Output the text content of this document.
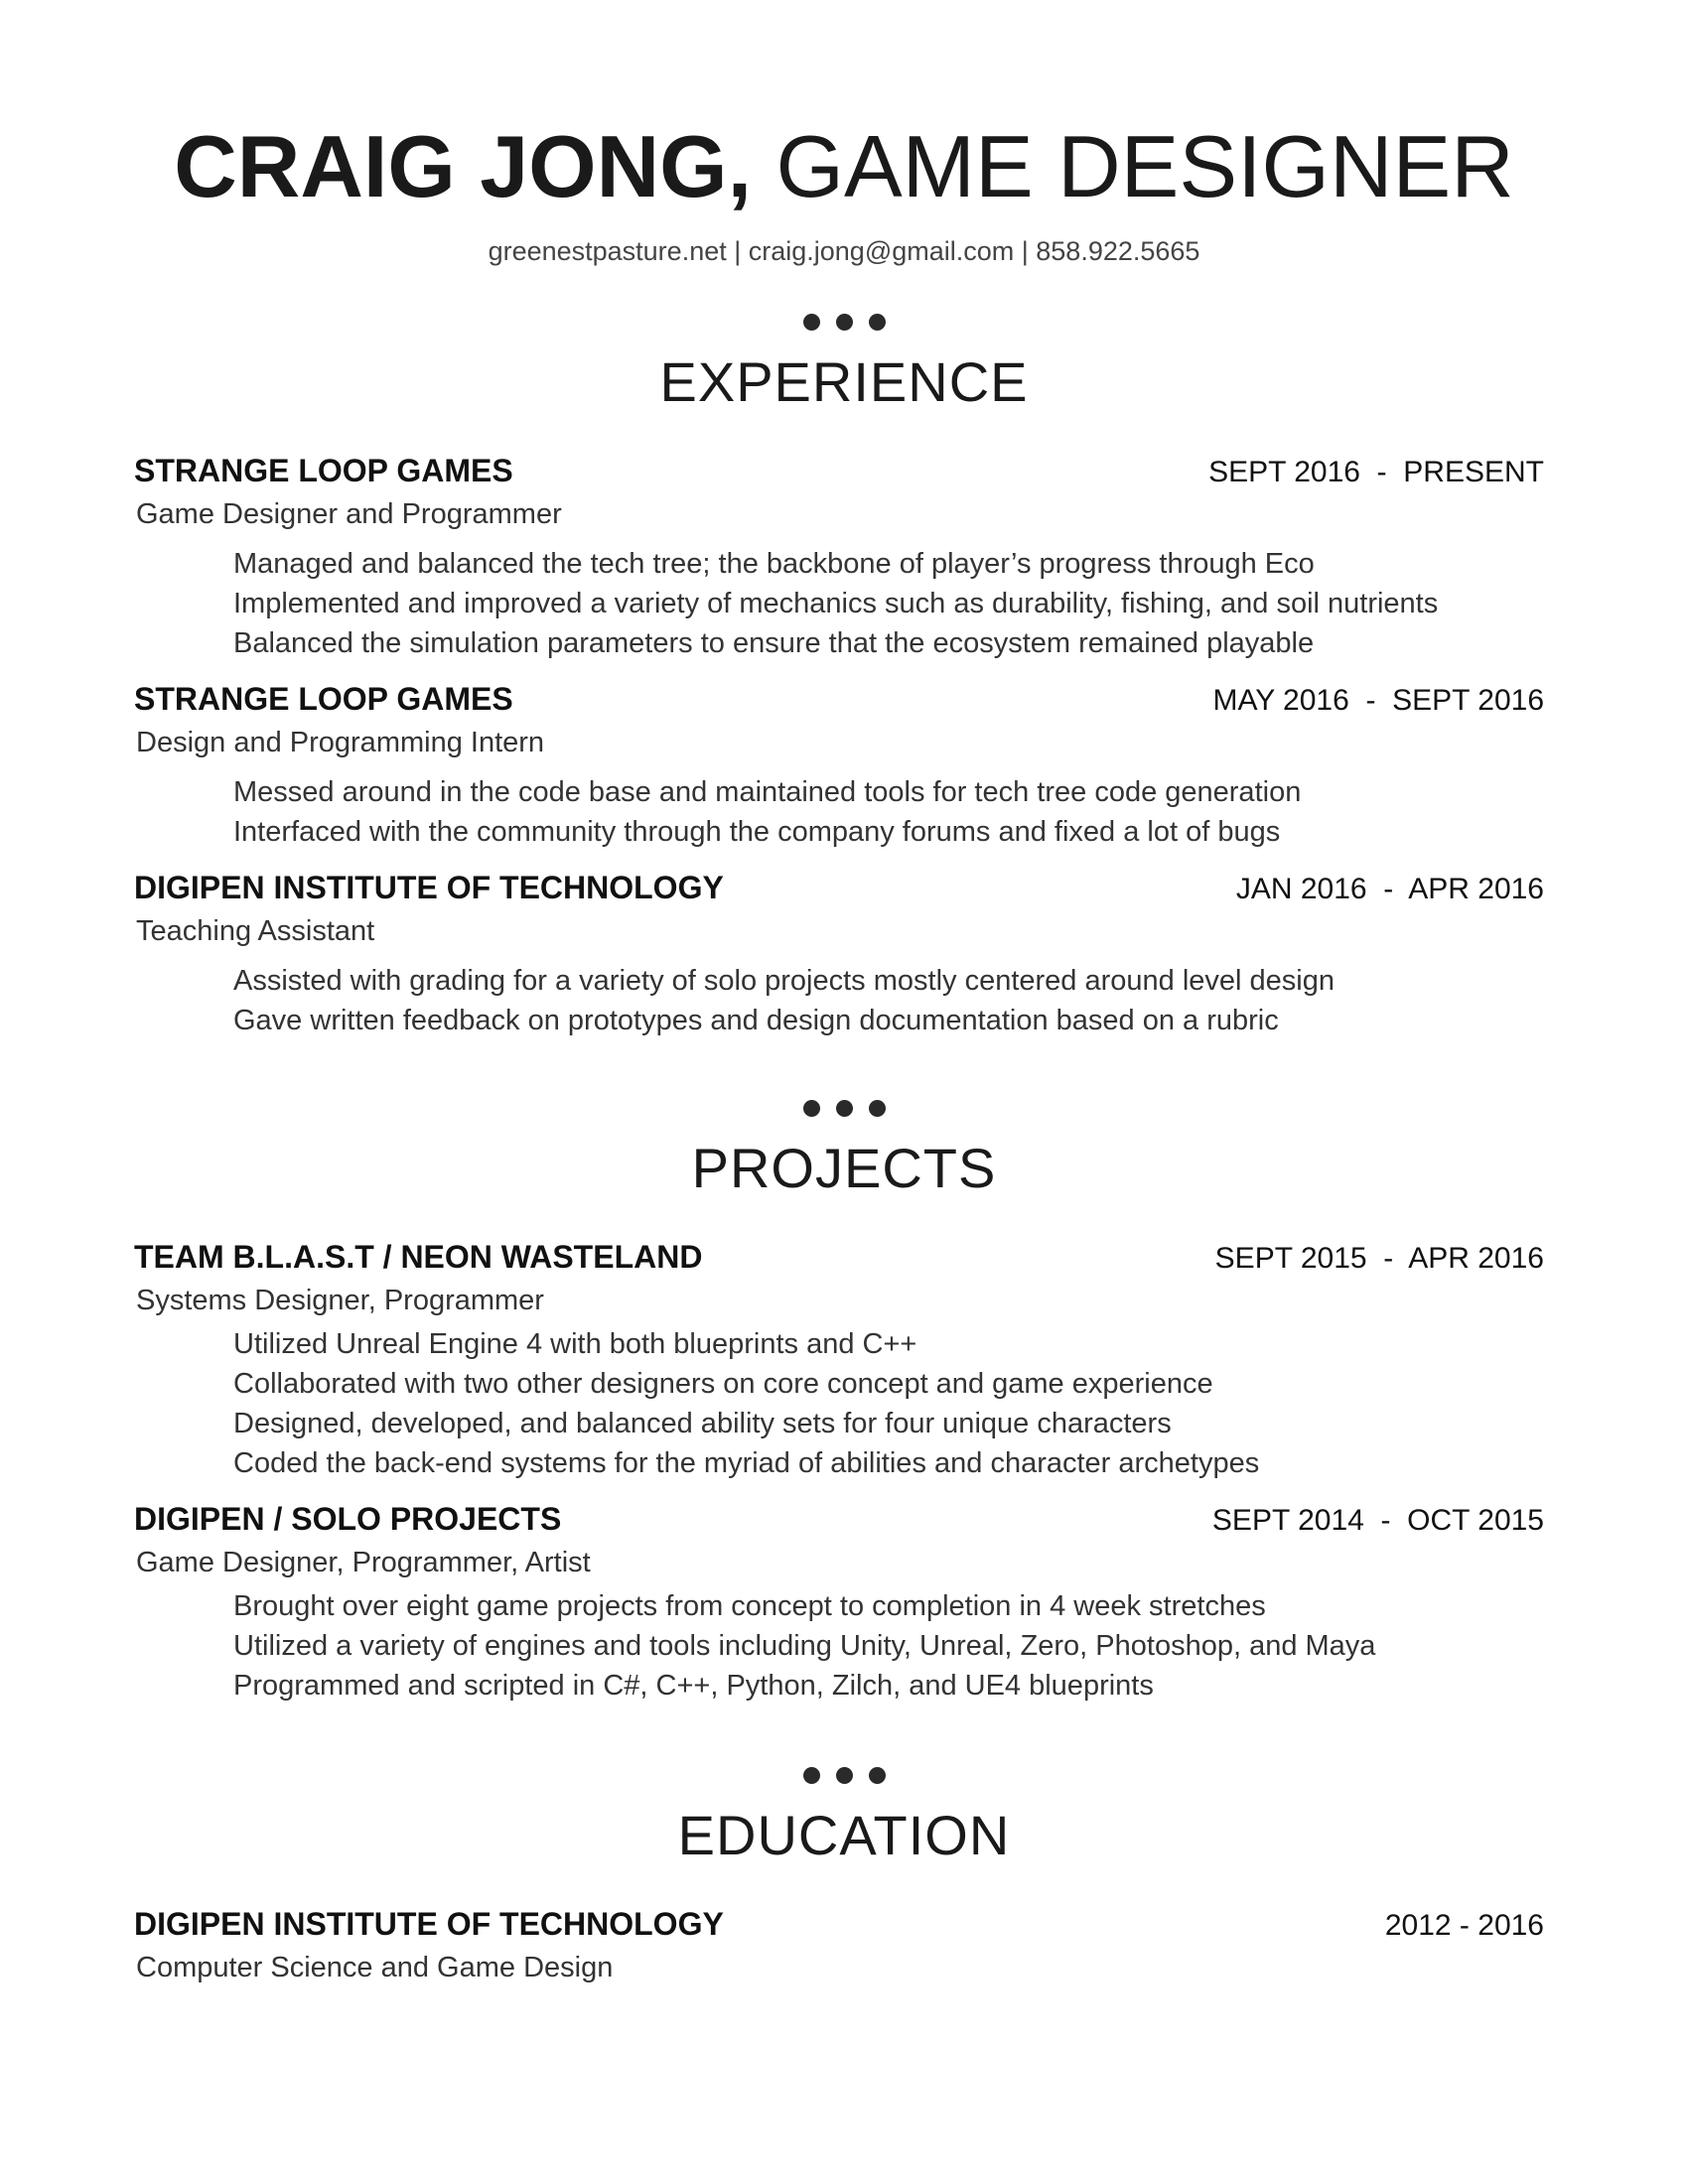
CRAIG JONG, GAME DESIGNER
greenestpasture.net | craig.jong@gmail.com | 858.922.5665
EXPERIENCE
STRANGE LOOP GAMES	SEPT 2016  -  PRESENT
Game Designer and Programmer
Managed and balanced the tech tree; the backbone of player’s progress through Eco
Implemented and improved a variety of mechanics such as durability, fishing, and soil nutrients
Balanced the simulation parameters to ensure that the ecosystem remained playable
STRANGE LOOP GAMES	MAY 2016  -  SEPT 2016
Design and Programming Intern
Messed around in the code base and maintained tools for tech tree code generation
Interfaced with the community through the company forums and fixed a lot of bugs
DIGIPEN INSTITUTE OF TECHNOLOGY	JAN 2016  -  APR 2016
Teaching Assistant
Assisted with grading for a variety of solo projects mostly centered around level design
Gave written feedback on prototypes and design documentation based on a rubric
PROJECTS
TEAM B.L.A.S.T / NEON WASTELAND	SEPT 2015  -  APR 2016
Systems Designer, Programmer
Utilized Unreal Engine 4 with both blueprints and C++
Collaborated with two other designers on core concept and game experience
Designed, developed, and balanced ability sets for four unique characters
Coded the back-end systems for the myriad of abilities and character archetypes
DIGIPEN / SOLO PROJECTS	SEPT 2014  -  OCT 2015
Game Designer, Programmer, Artist
Brought over eight game projects from concept to completion in 4 week stretches
Utilized a variety of engines and tools including Unity, Unreal, Zero, Photoshop, and Maya
Programmed and scripted in C#, C++, Python, Zilch, and UE4 blueprints
EDUCATION
DIGIPEN INSTITUTE OF TECHNOLOGY	2012 - 2016
Computer Science and Game Design
